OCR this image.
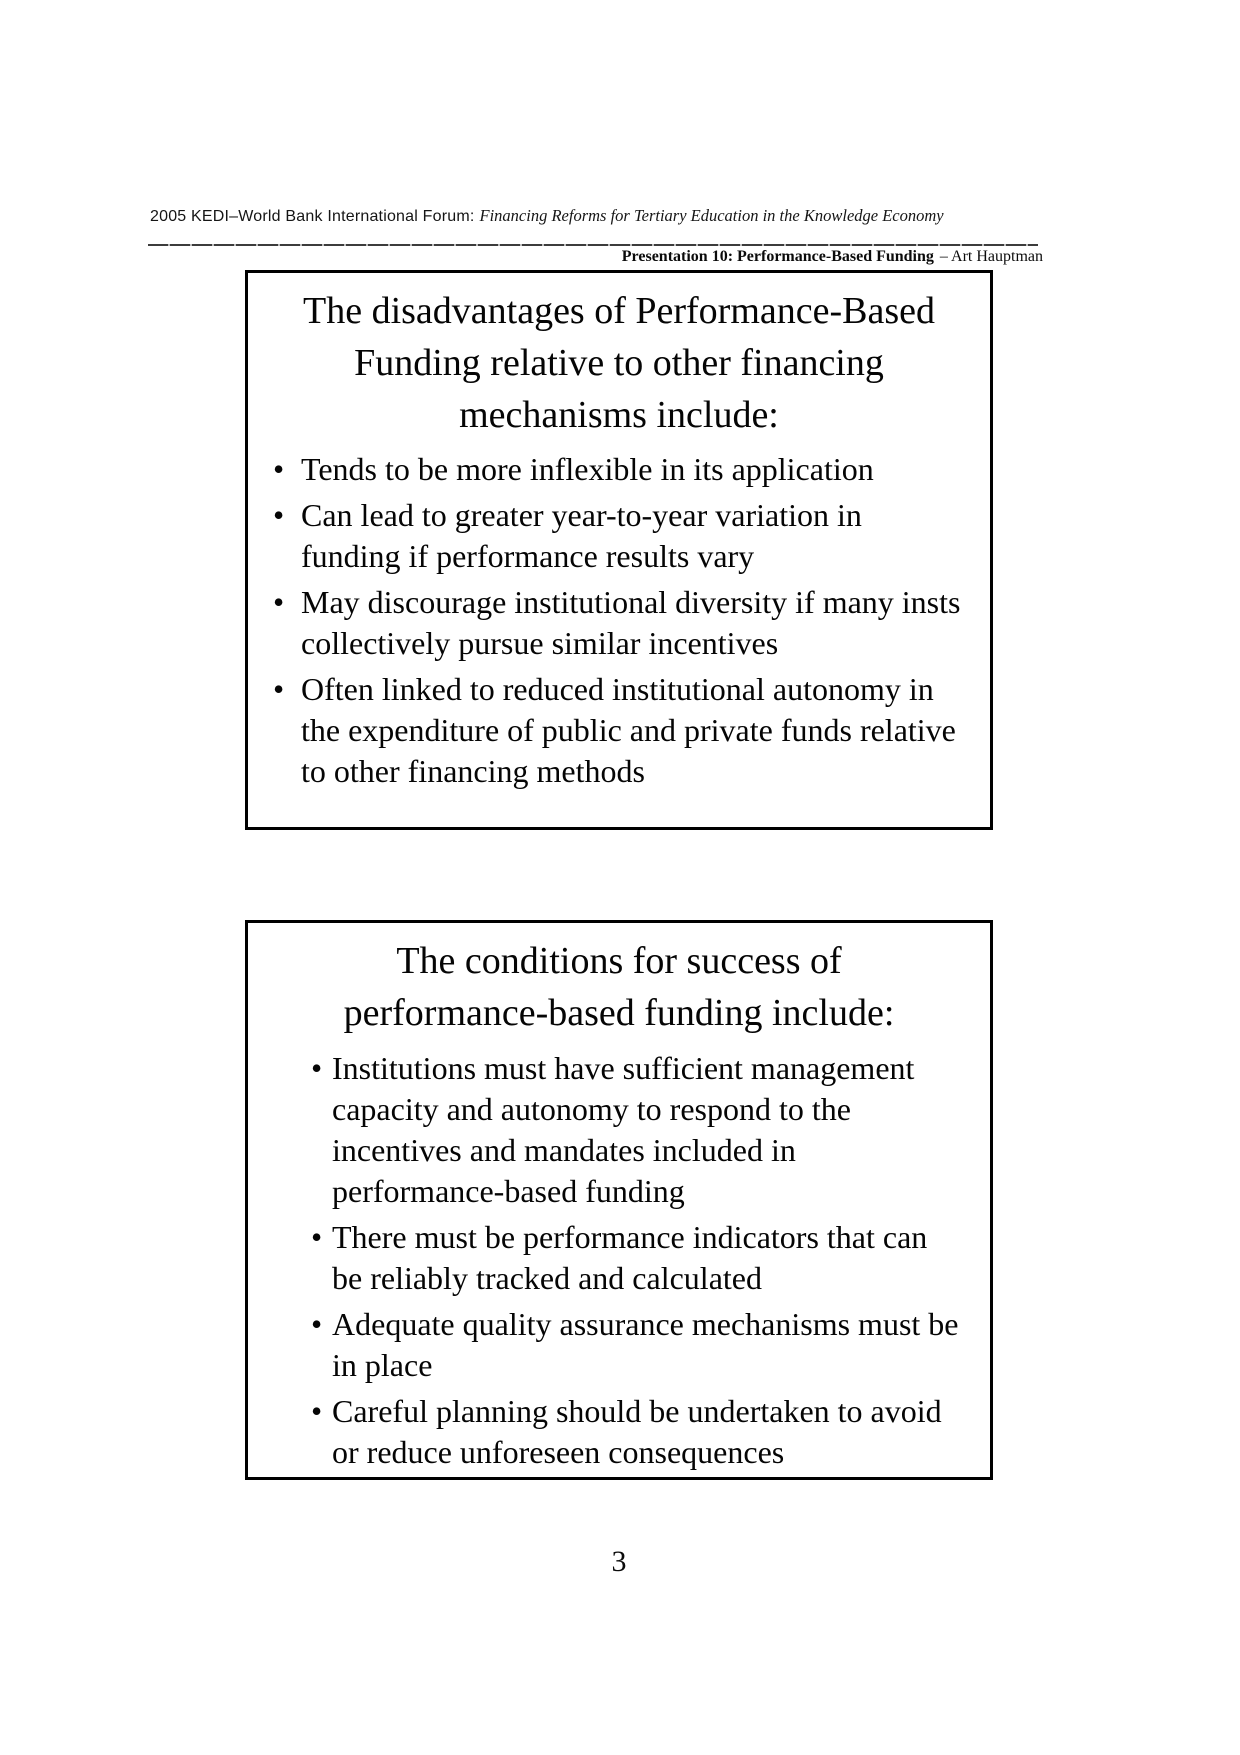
2005 KEDI–World Bank International Forum: Financing Reforms for Tertiary Education in the Knowledge Economy
Presentation 10: Performance-Based Funding – Art Hauptman
The disadvantages of Performance-Based Funding relative to other financing mechanisms include:
• Tends to be more inflexible in its application
• Can lead to greater year-to-year variation in funding if performance results vary
• May discourage institutional diversity if many insts collectively pursue similar incentives
• Often linked to reduced institutional autonomy in the expenditure of public and private funds relative to other financing methods
The conditions for success of performance-based funding include:
• Institutions must have sufficient management capacity and autonomy to respond to the incentives and mandates included in performance-based funding
• There must be performance indicators that can be reliably tracked and calculated
• Adequate quality assurance mechanisms must be in place
• Careful planning should be undertaken to avoid or reduce unforeseen consequences
3
